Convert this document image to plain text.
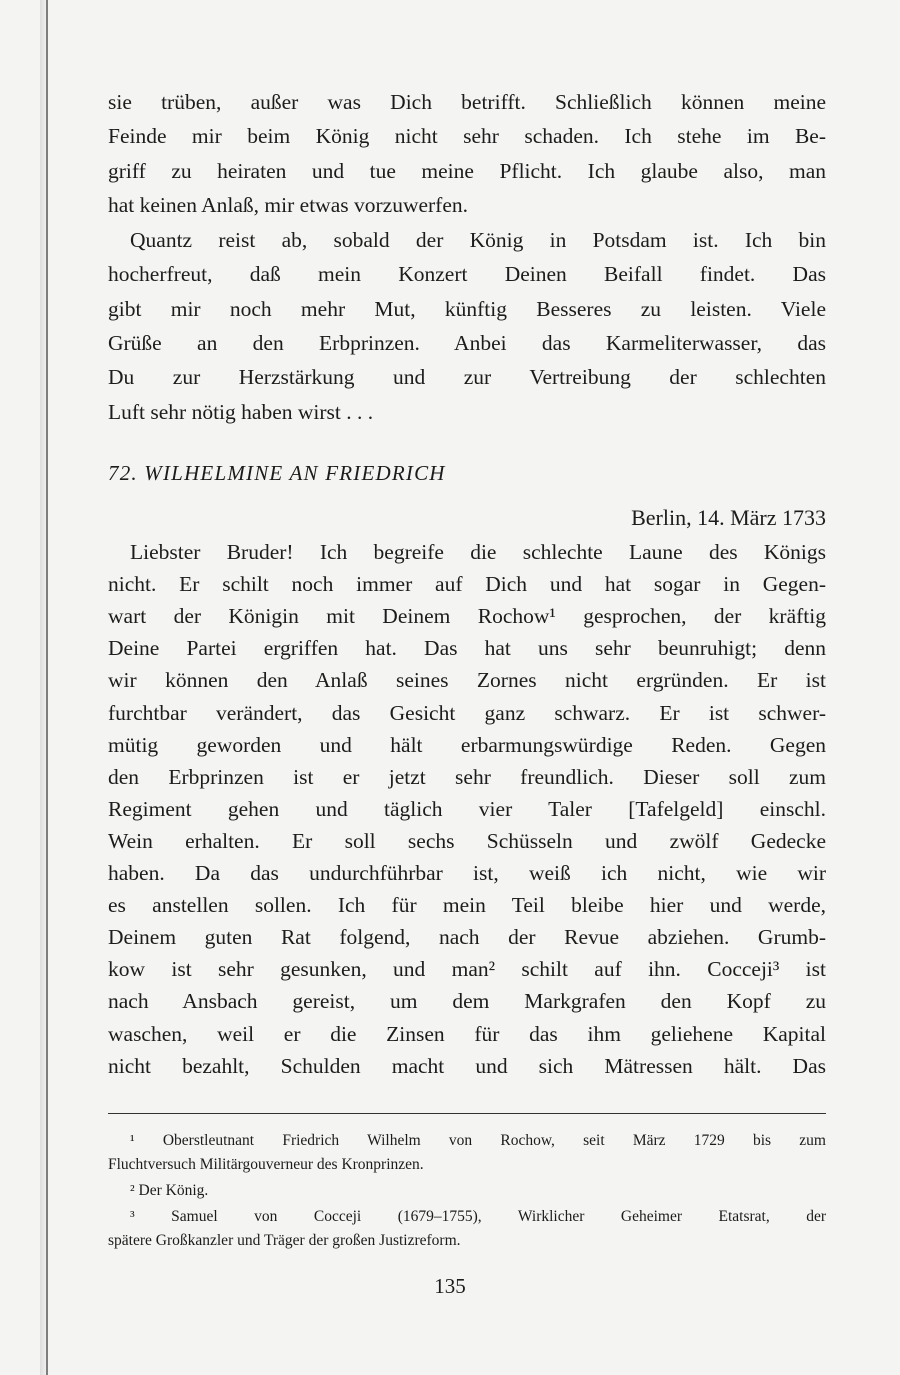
sie trüben, außer was Dich betrifft. Schließlich können meine
Feinde mir beim König nicht sehr schaden. Ich stehe im Be-
griff zu heiraten und tue meine Pflicht. Ich glaube also, man
hat keinen Anlaß, mir etwas vorzuwerfen.
Quantz reist ab, sobald der König in Potsdam ist. Ich bin
hocherfreut, daß mein Konzert Deinen Beifall findet. Das
gibt mir noch mehr Mut, künftig Besseres zu leisten. Viele
Grüße an den Erbprinzen. Anbei das Karmeliterwasser, das
Du zur Herzstärkung und zur Vertreibung der schlechten
Luft sehr nötig haben wirst . . .
72. WILHELMINE AN FRIEDRICH
Berlin, 14. März 1733
Liebster Bruder! Ich begreife die schlechte Laune des Königs
nicht. Er schilt noch immer auf Dich und hat sogar in Gegen-
wart der Königin mit Deinem Rochow¹ gesprochen, der kräftig
Deine Partei ergriffen hat. Das hat uns sehr beunruhigt; denn
wir können den Anlaß seines Zornes nicht ergründen. Er ist
furchtbar verändert, das Gesicht ganz schwarz. Er ist schwer-
mütig geworden und hält erbarmungswürdige Reden. Gegen
den Erbprinzen ist er jetzt sehr freundlich. Dieser soll zum
Regiment gehen und täglich vier Taler [Tafelgeld] einschl.
Wein erhalten. Er soll sechs Schüsseln und zwölf Gedecke
haben. Da das undurchführbar ist, weiß ich nicht, wie wir
es anstellen sollen. Ich für mein Teil bleibe hier und werde,
Deinem guten Rat folgend, nach der Revue abziehen. Grumb-
kow ist sehr gesunken, und man² schilt auf ihn. Cocceji³ ist
nach Ansbach gereist, um dem Markgrafen den Kopf zu
waschen, weil er die Zinsen für das ihm geliehene Kapital
nicht bezahlt, Schulden macht und sich Mätressen hält. Das
¹ Oberstleutnant Friedrich Wilhelm von Rochow, seit März 1729 bis zum
Fluchtversuch Militärgouverneur des Kronprinzen.
² Der König.
³ Samuel von Cocceji (1679–1755), Wirklicher Geheimer Etatsrat, der
spätere Großkanzler und Träger der großen Justizreform.
135
